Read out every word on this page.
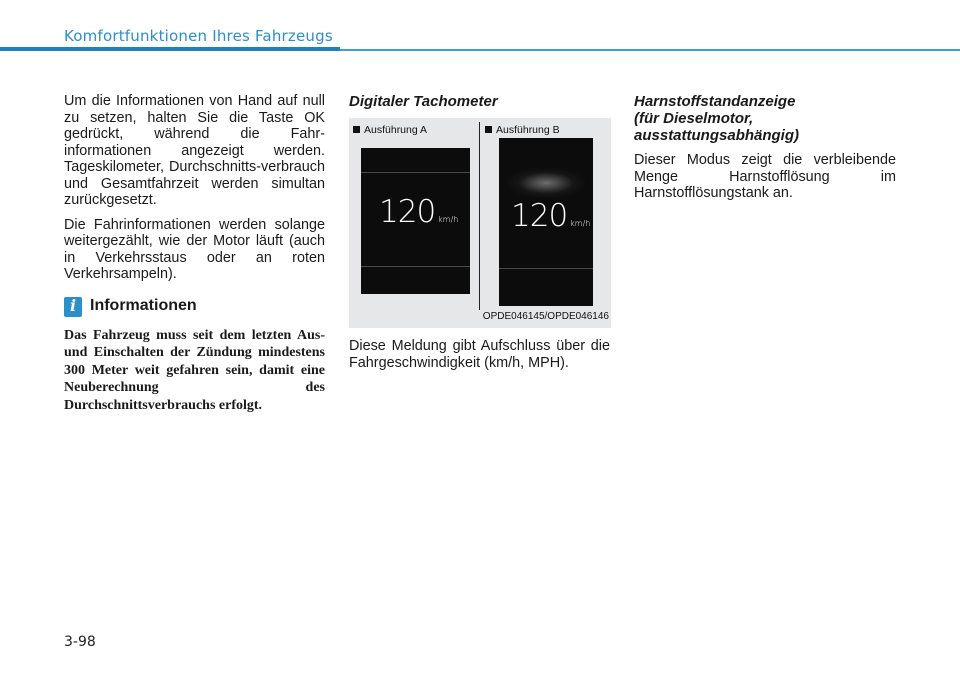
Komfortfunktionen Ihres Fahrzeugs

Um die Informationen von Hand auf null zu setzen, halten Sie die Taste OK gedrückt, während die Fahr-informationen angezeigt werden. Tageskilometer, Durchschnitts-verbrauch und Gesamtfahrzeit werden simultan zurückgesetzt.

Die Fahrinformationen werden solange weitergezählt, wie der Motor läuft (auch in Verkehrsstaus oder an roten Verkehrsampeln).

i Informationen

Das Fahrzeug muss seit dem letzten Aus- und Einschalten der Zündung mindestens 300 Meter weit gefahren sein, damit eine Neuberechnung des Durchschnittsverbrauchs erfolgt.

Digitaler Tachometer

Ausführung A	Ausführung B
120 km/h 120 km/h
OPDE046145/OPDE046146

Diese Meldung gibt Aufschluss über die Fahrgeschwindigkeit (km/h, MPH).

Harnstoffstandanzeige
(für Dieselmotor,
ausstattungsabhängig)

Dieser Modus zeigt die verbleibende Menge Harnstofflösung im Harnstofflösungstank an.

3-98
